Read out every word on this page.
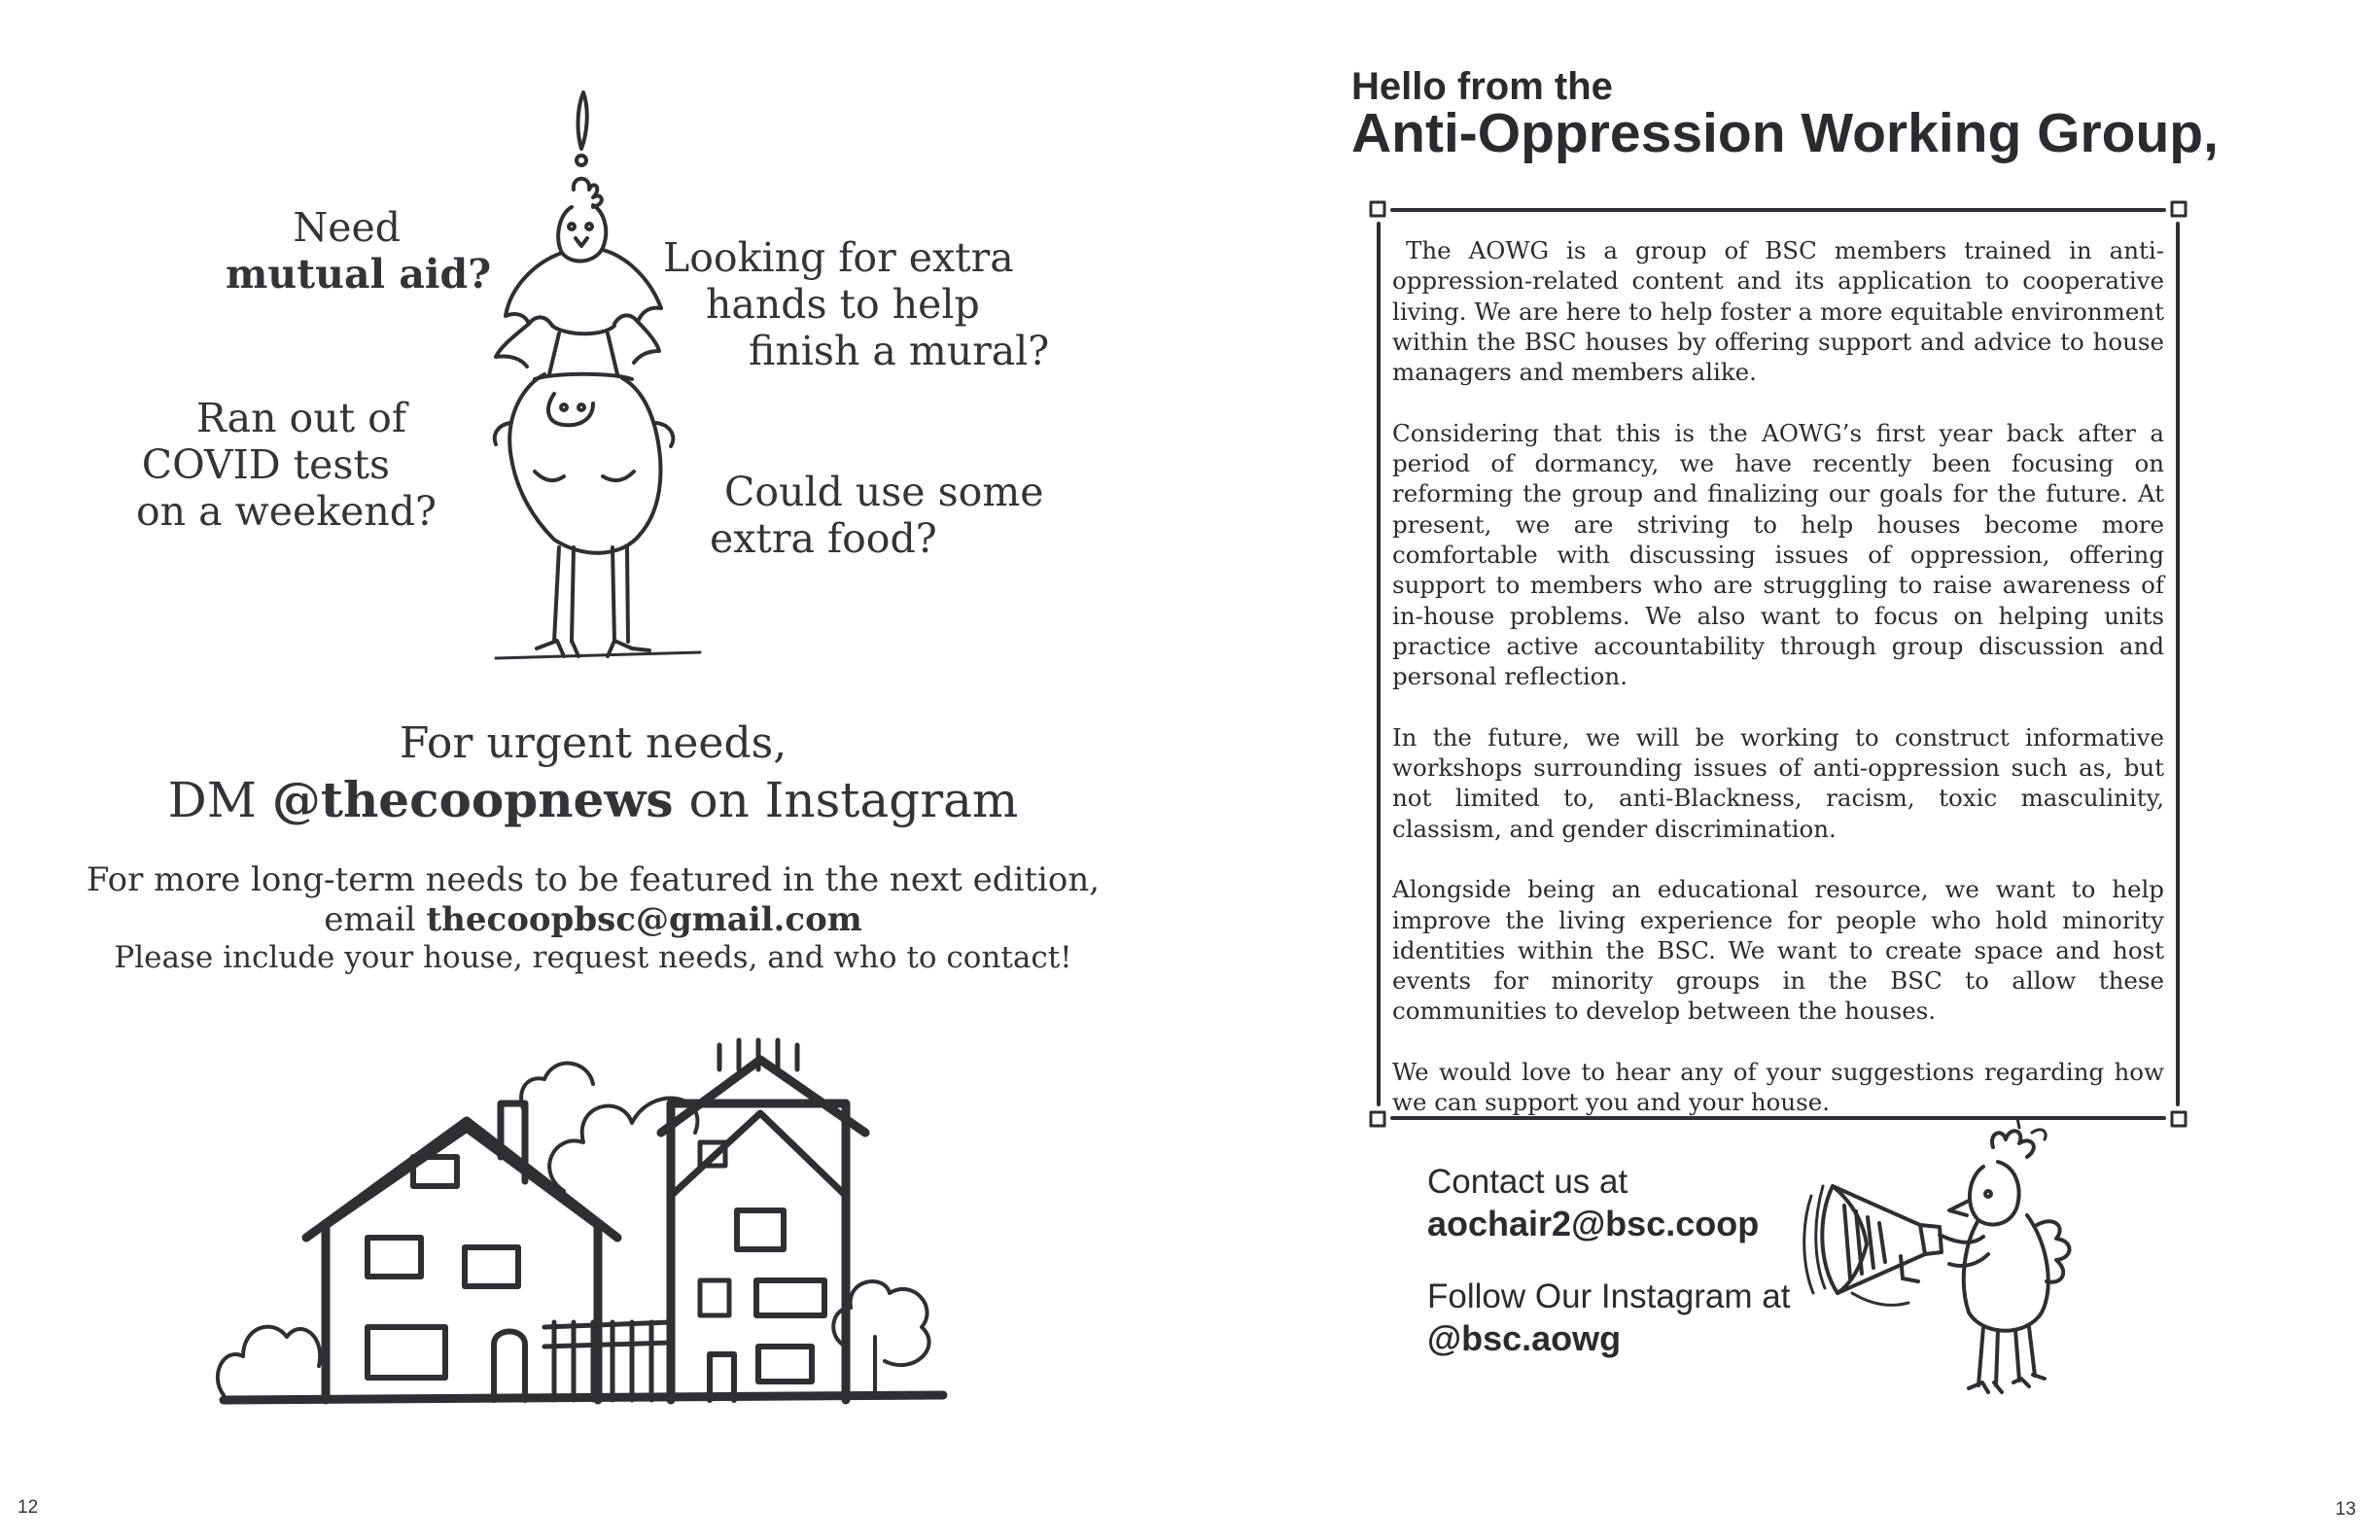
Need
mutual aid?	Looking for extra
hands to help
finish a mural?
Ran out of
COVID tests
on a weekend?	Could use some
extra food?
For urgent needs,
DM @thecoopnews on Instagram
For more long-term needs to be featured in the next edition,
email thecoopbsc@gmail.com
Please include your house, request needs, and who to contact!
12
Hello from the
Anti-Oppression Working Group,

The AOWG is a group of BSC members trained in anti-oppression-related content and its application to cooperative living. We are here to help foster a more equitable environment within the BSC houses by offering support and advice to house managers and members alike.

Considering that this is the AOWG’s first year back after a period of dormancy, we have recently been focusing on reforming the group and finalizing our goals for the future. At present, we are striving to help houses become more comfortable with discussing issues of oppression, offering support to members who are struggling to raise awareness of in-house problems. We also want to focus on helping units practice active accountability through group discussion and personal reflection.

In the future, we will be working to construct informative workshops surrounding issues of anti-oppression such as, but not limited to, anti-Blackness, racism, toxic masculinity, classism, and gender discrimination.

Alongside being an educational resource, we want to help improve the living experience for people who hold minority identities within the BSC. We want to create space and host events for minority groups in the BSC to allow these communities to develop between the houses.

We would love to hear any of your suggestions regarding how we can support you and your house.

Contact us at
aochair2@bsc.coop
Follow Our Instagram at
@bsc.aowg
13
